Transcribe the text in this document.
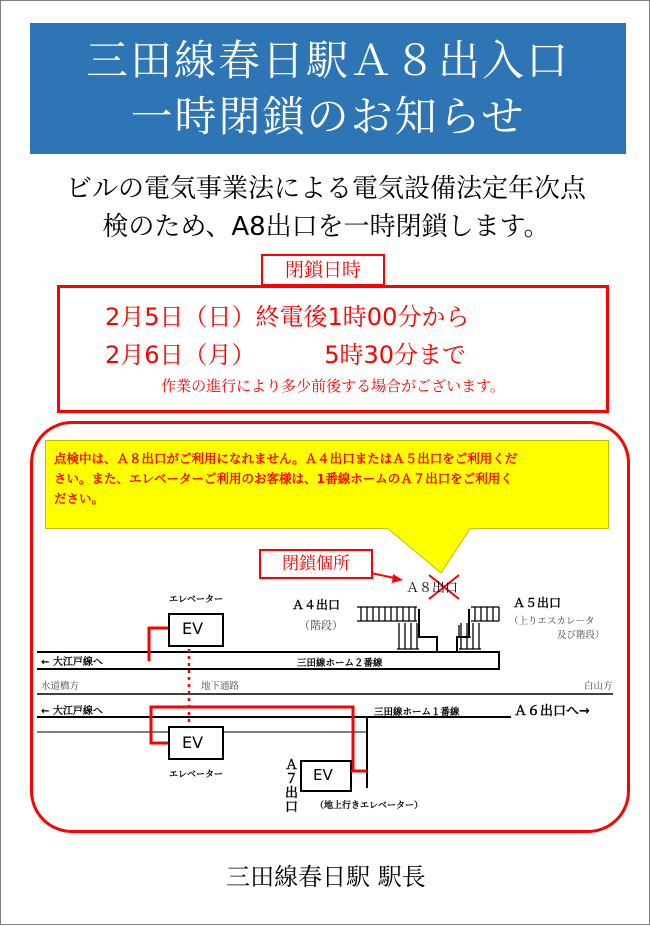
三田線春日駅Ａ８出入口
一時閉鎖のお知らせ
ビルの電気事業法による電気設備法定年次点
検のため、A8出口を一時閉鎖します。
2月5日（日）終電後1時00分から
2月6日（月）         5時30分まで
作業の進行により多少前後する場合がございます。
閉鎖日時
点検中は、Ａ８出口がご利用になれません。Ａ４出口またはＡ５出口をご利用くだ
さい。また、エレベーターご利用のお客様は、1番線ホームのＡ７出口をご利用く
ださい。
閉鎖個所
Ａ８出口
Ａ４出口
（階段）
Ａ５出口
（上りエスカレータ
及び階段）
エレベーター
エレベーター
EV
EV
EV
← 大江戸線へ
← 大江戸線へ
三田線ホーム２番線
三田線ホーム１番線
水道橋方	地下通路	白山方
Ａ６出口へ→
Ａ７出口 （地上行きエレベーター）
三田線春日駅 駅長
